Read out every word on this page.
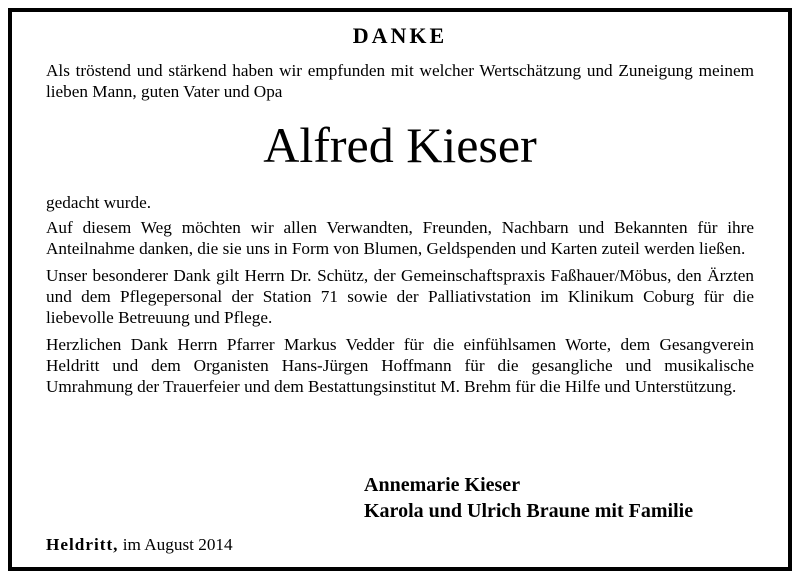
DANKE

Als tröstend und stärkend haben wir empfunden mit welcher Wertschätzung und Zuneigung meinem lieben Mann, guten Vater und Opa

Alfred Kieser

gedacht wurde.

Auf diesem Weg möchten wir allen Verwandten, Freunden, Nachbarn und Bekannten für ihre Anteilnahme danken, die sie uns in Form von Blumen, Geldspenden und Karten zuteil werden ließen.

Unser besonderer Dank gilt Herrn Dr. Schütz, der Gemeinschaftspraxis Faßhauer/Möbus, den Ärzten und dem Pflegepersonal der Station 71 sowie der Palliativstation im Klinikum Coburg für die liebevolle Betreuung und Pflege.

Herzlichen Dank Herrn Pfarrer Markus Vedder für die einfühlsamen Worte, dem Gesangverein Heldritt und dem Organisten Hans-Jürgen Hoffmann für die gesangliche und musikalische Umrahmung der Trauerfeier und dem Bestattungsinstitut M. Brehm für die Hilfe und Unterstützung.

Annemarie Kieser
Karola und Ulrich Braune mit Familie
Heldritt, im August 2014
